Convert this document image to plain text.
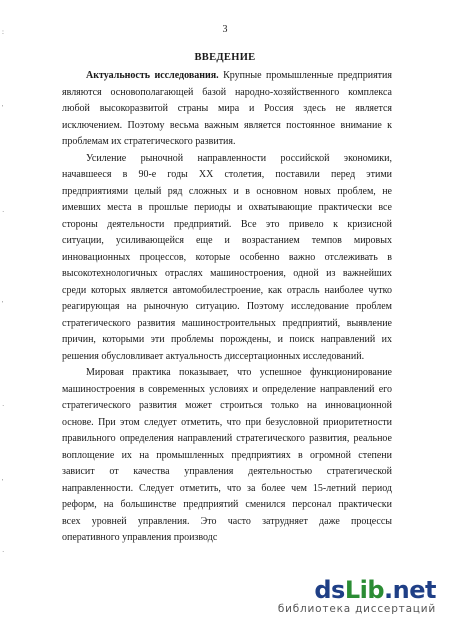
:
'
·
'
·
'
·
3
ВВЕДЕНИЕ
Актуальность исследования. Крупные промышленные предприятия
являются основополагающей базой народно-хозяйственного комплекса
любой высокоразвитой страны мира и Россия здесь не является
исключением. Поэтому весьма важным является постоянное внимание к
проблемам их стратегического развития.
Усиление рыночной направленности российской экономики,
начавшееся в 90-е годы XX столетия, поставили перед этими
предприятиями целый ряд сложных и в основном новых проблем, не
имевших места в прошлые периоды и охватывающие практически все
стороны деятельности предприятий. Все это привело к кризисной
ситуации, усиливающейся еще и возрастанием темпов мировых
инновационных процессов, которые особенно важно отслеживать в
высокотехнологичных отраслях машиностроения, одной из важнейших
среди которых является автомобилестроение, как отрасль наиболее чутко
реагирующая на рыночную ситуацию. Поэтому исследование проблем
стратегического развития машиностроительных предприятий, выявление
причин, которыми эти проблемы порождены, и поиск направлений их
решения обусловливает актуальность диссертационных исследований.
Мировая практика показывает, что успешное функционирование
машиностроения в современных условиях и определение направлений его
стратегического развития может строиться только на инновационной
основе. При этом следует отметить, что при безусловной приоритетности
правильного определения направлений стратегического развития, реальное
воплощение их на промышленных предприятиях в огромной степени
зависит от качества управления деятельностью стратегической
направленности. Следует отметить, что за более чем 15-летний период
реформ, на большинстве предприятий сменился персонал практически
всех уровней управления. Это часто затрудняет даже процессы
оперативного управления производс
dsLib.net
библиотека диссертаций
